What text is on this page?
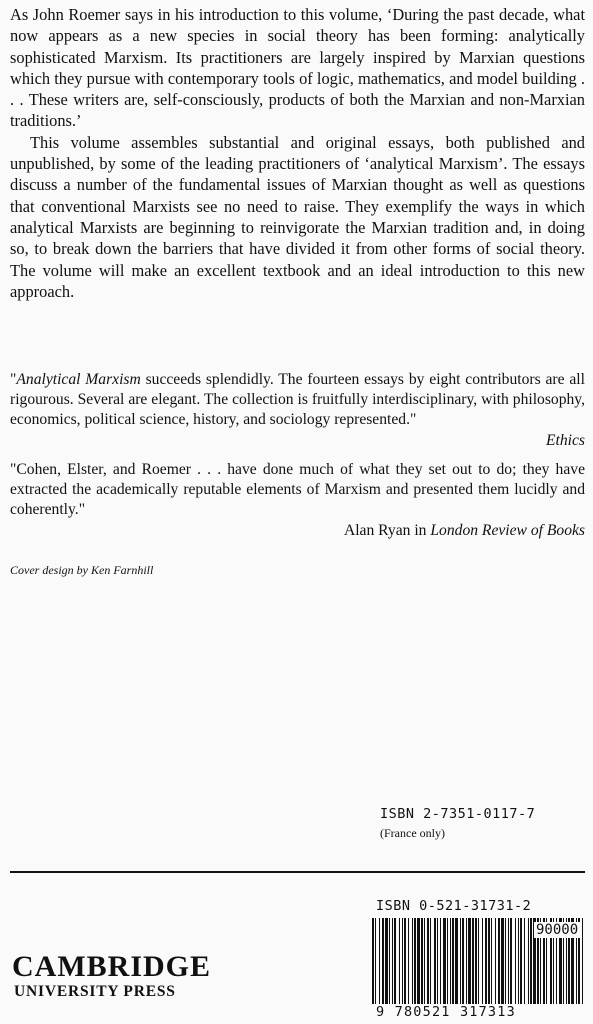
As John Roemer says in his introduction to this volume, ‘During the past decade, what now appears as a new species in social theory has been forming: analytically sophisticated Marxism. Its practitioners are largely inspired by Marxian questions which they pursue with contemporary tools of logic, mathematics, and model building . . . These writers are, self-consciously, products of both the Marxian and non-Marxian traditions.’

This volume assembles substantial and original essays, both published and unpublished, by some of the leading practitioners of ‘analytical Marxism’. The essays discuss a number of the fundamental issues of Marxian thought as well as questions that conventional Marxists see no need to raise. They exemplify the ways in which analytical Marxists are beginning to reinvigorate the Marxian tradition and, in doing so, to break down the barriers that have divided it from other forms of social theory. The volume will make an excellent textbook and an ideal introduction to this new approach.

"Analytical Marxism succeeds splendidly. The fourteen essays by eight contributors are all rigourous. Several are elegant. The collection is fruitfully interdisciplinary, with philosophy, economics, political science, history, and sociology represented."

Ethics

"Cohen, Elster, and Roemer . . . have done much of what they set out to do; they have extracted the academically reputable elements of Marxism and presented them lucidly and coherently."

Alan Ryan in London Review of Books
Cover design by Ken Farnhill
ISBN 2-7351-0117-7
(France only)
CAMBRIDGE
UNIVERSITY PRESS
ISBN 0-521-31731-2
90000
9 780521 317313
